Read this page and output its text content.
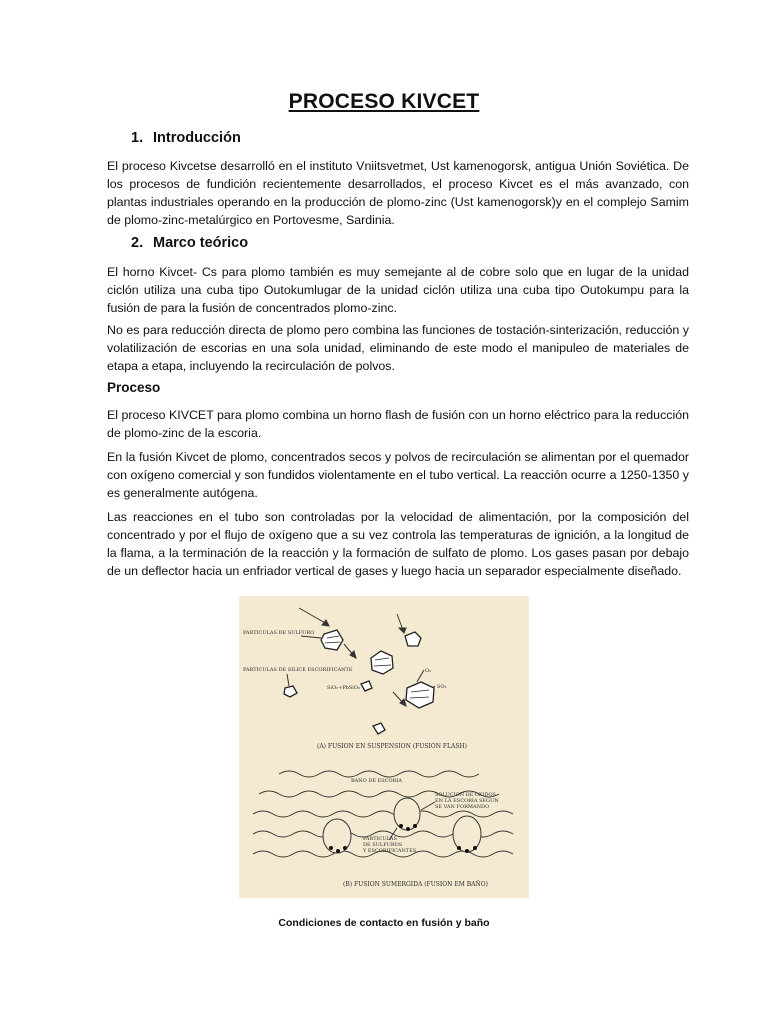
PROCESO KIVCET
1. Introducción
El proceso Kivcetse desarrolló en el instituto Vniitsvetmet, Ust kamenogorsk, antigua Unión Soviética. De los procesos de fundición recientemente desarrollados, el proceso Kivcet es el más avanzado, con plantas industriales operando en la producción de plomo-zinc (Ust kamenogorsk)y en el complejo Samim de plomo-zinc-metalúrgico en Portovesme, Sardinia.
2. Marco teórico
El horno Kivcet- Cs para plomo también es muy semejante al de cobre solo que en lugar de la unidad ciclón utiliza una cuba tipo Outokumlugar de la unidad ciclón utiliza una cuba tipo Outokumpu para la fusión de para la fusión de concentrados plomo-zinc.
No es para reducción directa de plomo pero combina las funciones de tostación-sinterización, reducción y volatilización de escorias en una sola unidad, eliminando de este modo el manipuleo de materiales de etapa a etapa, incluyendo la recirculación de polvos.
Proceso
El proceso KIVCET para plomo combina un horno flash de fusión con un horno eléctrico para la reducción de plomo-zinc de la escoria.
En la fusión Kivcet de plomo, concentrados secos y polvos de recirculación se alimentan por el quemador con oxígeno comercial y son fundidos violentamente en el tubo vertical. La reacción ocurre a 1250-1350 y es generalmente autógena.
Las reacciones en el tubo son controladas por la velocidad de alimentación, por la composición del concentrado y por el flujo de oxígeno que a su vez controla las temperaturas de ignición, a la longitud de la flama, a la terminación de la reacción y la formación de sulfato de plomo. Los gases pasan por debajo de un deflector hacia un enfriador vertical de gases y luego hacia un separador especialmente diseñado.
PARTICULAS DE SULFURO
PARTICULAS DE SILICE ESCORIFICANTE
SiO₂+PbSiO₃
O₂
SO₂
(A) FUSION EN SUSPENSION (FUSION FLASH)
BAÑO DE ESCORIA
SOLUCION DE OXIDOS
EN LA ESCORIA SEGUN
SE VAN FORMANDO
PARTICULAS
DE SULFUROS
Y ESCORIFICANTES
(B) FUSION SUMERGIDA (FUSION EM BAÑO)
Condiciones de contacto en fusión y baño
